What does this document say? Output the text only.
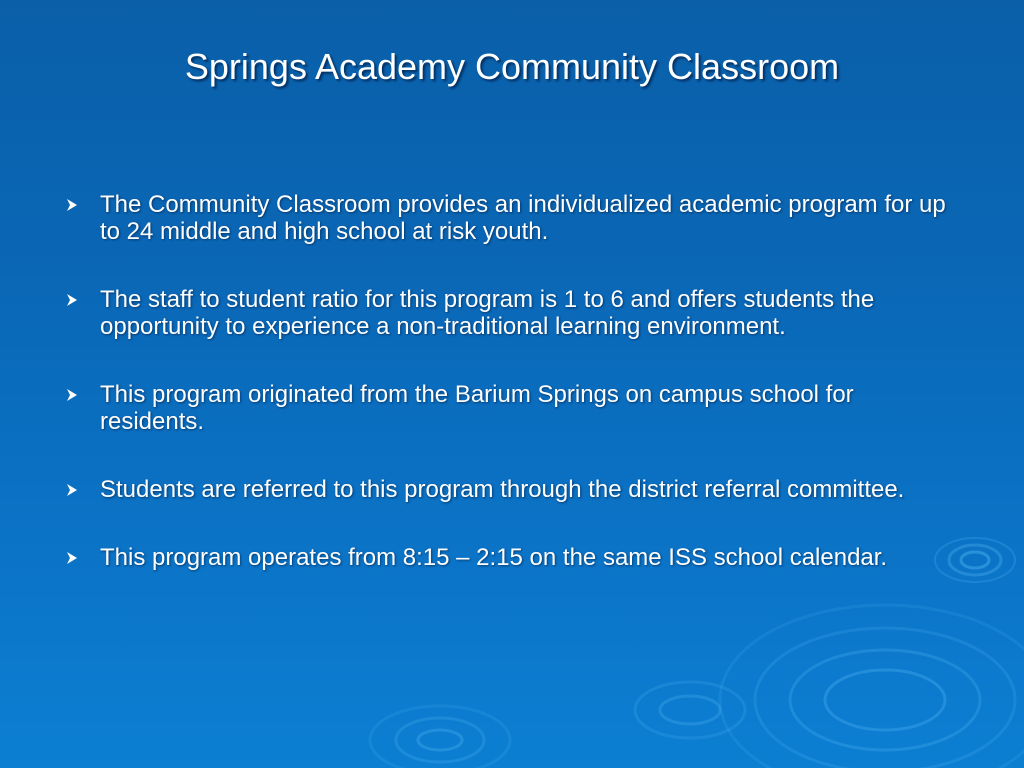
Springs Academy Community Classroom
The Community Classroom provides an individualized academic program for up to 24 middle and high school at risk youth.
The staff to student ratio for this program is 1 to 6 and offers students the opportunity to experience a non-traditional learning environment.
This program originated from the Barium Springs on campus school for residents.
Students are referred to this program through the district referral committee.
This program operates from 8:15 – 2:15 on the same ISS school calendar.
